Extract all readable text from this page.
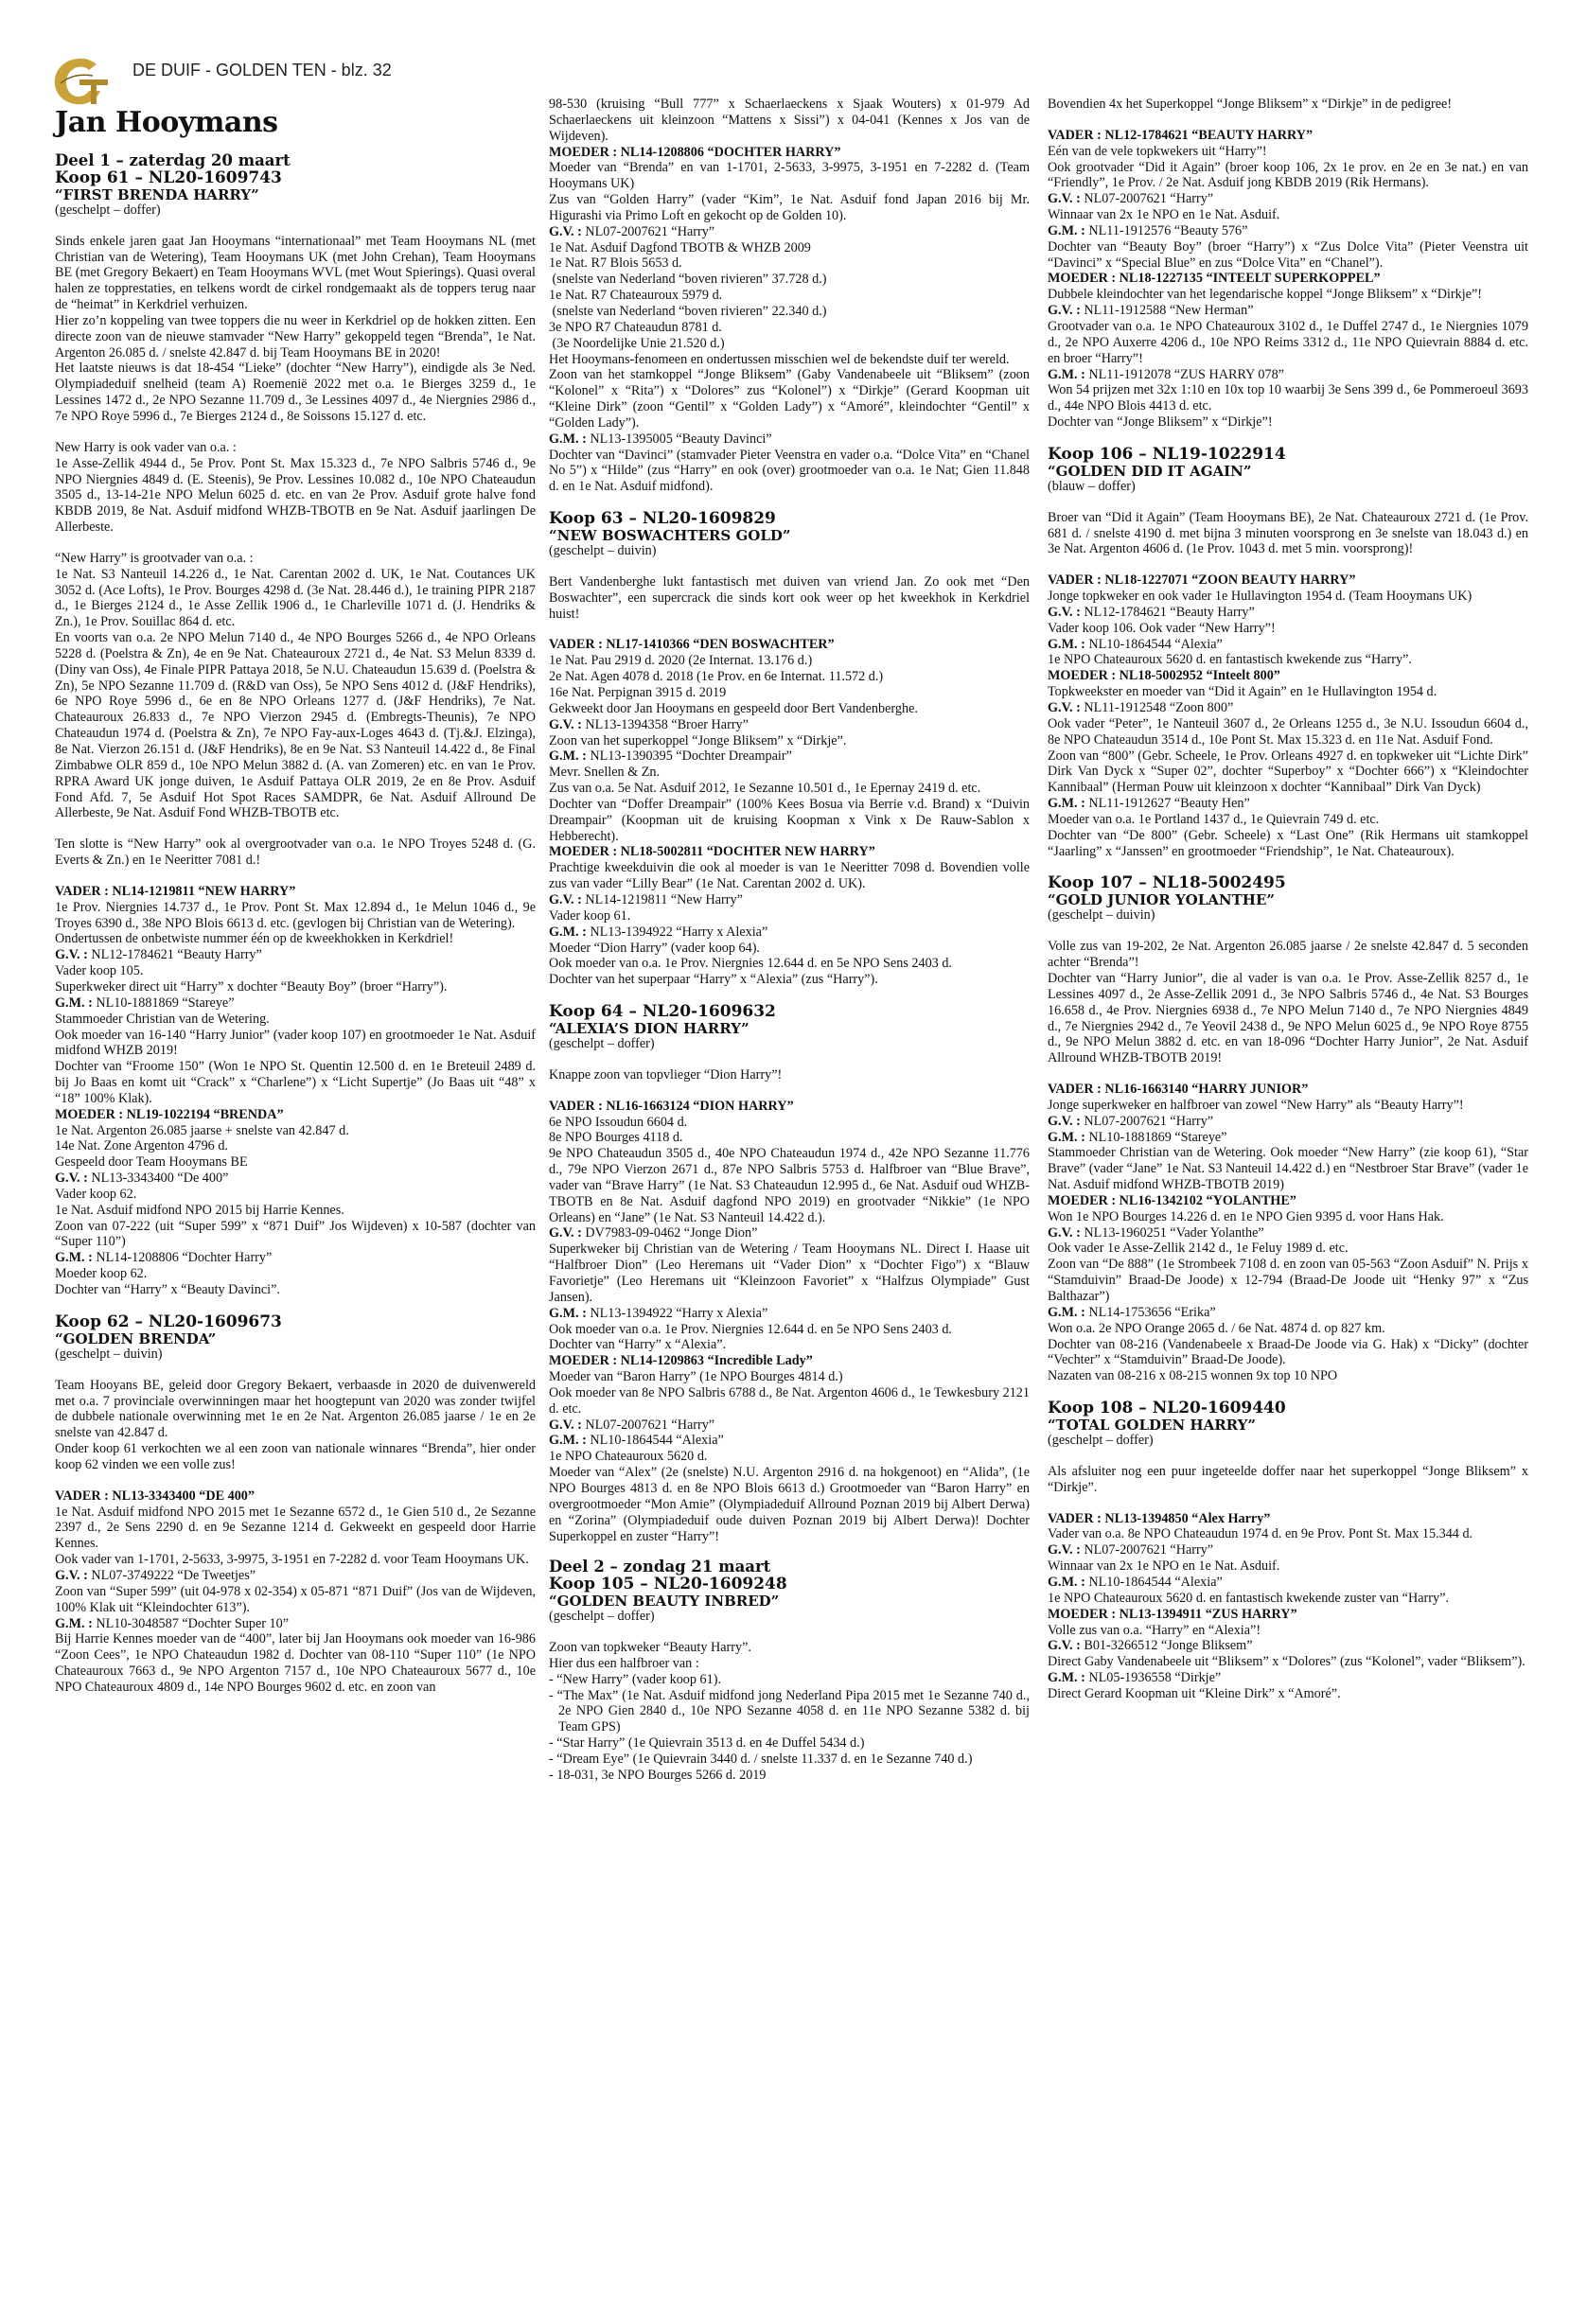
DE DUIF - GOLDEN TEN - blz. 32
Jan Hooymans

Deel 1 – zaterdag 20 maart

Koop 61 – NL20-1609743

“FIRST BRENDA HARRY”

(geschelpt – doffer)

Sinds enkele jaren gaat Jan Hooymans “internationaal” met Team Hooymans NL (met Christian van de Wetering), Team Hooymans UK (met John Crehan), Team Hooymans BE (met Gregory Bekaert) en Team Hooymans WVL (met Wout Spierings). Quasi overal halen ze topprestaties, en telkens wordt de cirkel rondgemaakt als de toppers terug naar de “heimat” in Kerkdriel verhuizen.

Hier zo’n koppeling van twee toppers die nu weer in Kerkdriel op de hokken zitten. Een directe zoon van de nieuwe stamvader “New Harry” gekoppeld tegen “Brenda”, 1e Nat. Argenton 26.085 d. / snelste 42.847 d. bij Team Hooymans BE in 2020!

Het laatste nieuws is dat 18-454 “Lieke” (dochter “New Harry”), eindigde als 3e Ned. Olympiadeduif snelheid (team A) Roemenië 2022 met o.a. 1e Bierges 3259 d., 1e Lessines 1472 d., 2e NPO Sezanne 11.709 d., 3e Lessines 4097 d., 4e Niergnies 2986 d., 7e NPO Roye 5996 d., 7e Bierges 2124 d., 8e Soissons 15.127 d. etc.

New Harry is ook vader van o.a. :

1e Asse-Zellik 4944 d., 5e Prov. Pont St. Max 15.323 d., 7e NPO Salbris 5746 d., 9e NPO Niergnies 4849 d. (E. Steenis), 9e Prov. Lessines 10.082 d., 10e NPO Chateaudun 3505 d., 13-14-21e NPO Melun 6025 d. etc. en van 2e Prov. Asduif grote halve fond KBDB 2019, 8e Nat. Asduif midfond WHZB-TBOTB en 9e Nat. Asduif jaarlingen De Allerbeste.

“New Harry” is grootvader van o.a. :

1e Nat. S3 Nanteuil 14.226 d., 1e Nat. Carentan 2002 d. UK, 1e Nat. Coutances UK 3052 d. (Ace Lofts), 1e Prov. Bourges 4298 d. (3e Nat. 28.446 d.), 1e training PIPR 2187 d., 1e Bierges 2124 d., 1e Asse Zellik 1906 d., 1e Charleville 1071 d. (J. Hendriks & Zn.), 1e Prov. Souillac 864 d. etc.

En voorts van o.a. 2e NPO Melun 7140 d., 4e NPO Bourges 5266 d., 4e NPO Orleans 5228 d. (Poelstra & Zn), 4e en 9e Nat. Chateauroux 2721 d., 4e Nat. S3 Melun 8339 d. (Diny van Oss), 4e Finale PIPR Pattaya 2018, 5e N.U. Chateaudun 15.639 d. (Poelstra & Zn), 5e NPO Sezanne 11.709 d. (R&D van Oss), 5e NPO Sens 4012 d. (J&F Hendriks), 6e NPO Roye 5996 d., 6e en 8e NPO Orleans 1277 d. (J&F Hendriks), 7e Nat. Chateauroux 26.833 d., 7e NPO Vierzon 2945 d. (Embregts-Theunis), 7e NPO Chateaudun 1974 d. (Poelstra & Zn), 7e NPO Fay-aux-Loges 4643 d. (Tj.&J. Elzinga), 8e Nat. Vierzon 26.151 d. (J&F Hendriks), 8e en 9e Nat. S3 Nanteuil 14.422 d., 8e Final Zimbabwe OLR 859 d., 10e NPO Melun 3882 d. (A. van Zomeren) etc. en van 1e Prov. RPRA Award UK jonge duiven, 1e Asduif Pattaya OLR 2019, 2e en 8e Prov. Asduif Fond Afd. 7, 5e Asduif Hot Spot Races SAMDPR, 6e Nat. Asduif Allround De Allerbeste, 9e Nat. Asduif Fond WHZB-TBOTB etc.

Ten slotte is “New Harry” ook al overgrootvader van o.a. 1e NPO Troyes 5248 d. (G. Everts & Zn.) en 1e Neeritter 7081 d.!

VADER : NL14-1219811 “NEW HARRY”

1e Prov. Niergnies 14.737 d., 1e Prov. Pont St. Max 12.894 d., 1e Melun 1046 d., 9e Troyes 6390 d., 38e NPO Blois 6613 d. etc. (gevlogen bij Christian van de Wetering).

Ondertussen de onbetwiste nummer één op de kweekhokken in Kerkdriel!

G.V. : NL12-1784621 “Beauty Harry”

Vader koop 105.

Superkweker direct uit “Harry” x dochter “Beauty Boy” (broer “Harry”).

G.M. : NL10-1881869 “Stareye”

Stammoeder Christian van de Wetering.

Ook moeder van 16-140 “Harry Junior” (vader koop 107) en grootmoeder 1e Nat. Asduif midfond WHZB 2019!

Dochter van “Froome 150” (Won 1e NPO St. Quentin 12.500 d. en 1e Breteuil 2489 d. bij Jo Baas en komt uit “Crack” x “Charlene”) x “Licht Supertje” (Jo Baas uit “48” x “18” 100% Klak).

MOEDER : NL19-1022194 “BRENDA”

1e Nat. Argenton 26.085 jaarse + snelste van 42.847 d.

14e Nat. Zone Argenton 4796 d.

Gespeeld door Team Hooymans BE

G.V. : NL13-3343400 “De 400”

Vader koop 62.

1e Nat. Asduif midfond NPO 2015 bij Harrie Kennes.

Zoon van 07-222 (uit “Super 599” x “871 Duif” Jos Wijdeven) x 10-587 (dochter van “Super 110”)

G.M. : NL14-1208806 “Dochter Harry”

Moeder koop 62.

Dochter van “Harry” x “Beauty Davinci”.

Koop 62 – NL20-1609673

“GOLDEN BRENDA”

(geschelpt – duivin)

Team Hooyans BE, geleid door Gregory Bekaert, verbaasde in 2020 de duivenwereld met o.a. 7 provinciale overwinningen maar het hoogtepunt van 2020 was zonder twijfel de dubbele nationale overwinning met 1e en 2e Nat. Argenton 26.085 jaarse / 1e en 2e snelste van 42.847 d.

Onder koop 61 verkochten we al een zoon van nationale winnares “Brenda”, hier onder koop 62 vinden we een volle zus!

VADER : NL13-3343400 “DE 400”

1e Nat. Asduif midfond NPO 2015 met 1e Sezanne 6572 d., 1e Gien 510 d., 2e Sezanne 2397 d., 2e Sens 2290 d. en 9e Sezanne 1214 d. Gekweekt en gespeeld door Harrie Kennes.

Ook vader van 1-1701, 2-5633, 3-9975, 3-1951 en 7-2282 d. voor Team Hooymans UK.

G.V. : NL07-3749222 “De Tweetjes”

Zoon van “Super 599” (uit 04-978 x 02-354) x 05-871 “871 Duif” (Jos van de Wijdeven, 100% Klak uit “Kleindochter 613”).

G.M. : NL10-3048587 “Dochter Super 10”

Bij Harrie Kennes moeder van de “400”, later bij Jan Hooymans ook moeder van 16-986 “Zoon Cees”, 1e NPO Chateaudun 1982 d. Dochter van 08-110 “Super 110” (1e NPO Chateauroux 7663 d., 9e NPO Argenton 7157 d., 10e NPO Chateauroux 5677 d., 10e NPO Chateauroux 4809 d., 14e NPO Bourges 9602 d. etc. en zoon van

98-530 (kruising “Bull 777” x Schaerlaeckens x Sjaak Wouters) x 01-979 Ad Schaerlaeckens uit kleinzoon “Mattens x Sissi”) x 04-041 (Kennes x Jos van de Wijdeven).

MOEDER : NL14-1208806 “DOCHTER HARRY”

Moeder van “Brenda” en van 1-1701, 2-5633, 3-9975, 3-1951 en 7-2282 d. (Team Hooymans UK)

Zus van “Golden Harry” (vader “Kim”, 1e Nat. Asduif fond Japan 2016 bij Mr. Higurashi via Primo Loft en gekocht op de Golden 10).

G.V. : NL07-2007621 “Harry”

1e Nat. Asduif Dagfond TBOTB & WHZB 2009

1e Nat. R7 Blois 5653 d.

(snelste van Nederland “boven rivieren” 37.728 d.)

1e Nat. R7 Chateauroux 5979 d.

(snelste van Nederland “boven rivieren” 22.340 d.)

3e NPO R7 Chateaudun 8781 d.

(3e Noordelijke Unie 21.520 d.)

Het Hooymans-fenomeen en ondertussen misschien wel de bekendste duif ter wereld.

Zoon van het stamkoppel “Jonge Bliksem” (Gaby Vandenabeele uit “Bliksem” (zoon “Kolonel” x “Rita”) x “Dolores” zus “Kolonel”) x “Dirkje” (Gerard Koopman uit “Kleine Dirk” (zoon “Gentil” x “Golden Lady”) x “Amoré”, kleindochter “Gentil” x “Golden Lady”).

G.M. : NL13-1395005 “Beauty Davinci”

Dochter van “Davinci” (stamvader Pieter Veenstra en vader o.a. “Dolce Vita” en “Chanel No 5”) x “Hilde” (zus “Harry” en ook (over) grootmoeder van o.a. 1e Nat; Gien 11.848 d. en 1e Nat. Asduif midfond).

Koop 63 – NL20-1609829

“NEW BOSWACHTERS GOLD”

(geschelpt – duivin)

Bert Vandenberghe lukt fantastisch met duiven van vriend Jan. Zo ook met “Den Boswachter”, een supercrack die sinds kort ook weer op het kweekhok in Kerkdriel huist!

VADER : NL17-1410366 “DEN BOSWACHTER”

1e Nat. Pau 2919 d. 2020 (2e Internat. 13.176 d.)

2e Nat. Agen 4078 d. 2018 (1e Prov. en 6e Internat. 11.572 d.)

16e Nat. Perpignan 3915 d. 2019

Gekweekt door Jan Hooymans en gespeeld door Bert Vandenberghe.

G.V. : NL13-1394358 “Broer Harry”

Zoon van het superkoppel “Jonge Bliksem” x “Dirkje”.

G.M. : NL13-1390395 “Dochter Dreampair”

Mevr. Snellen & Zn.

Zus van o.a. 5e Nat. Asduif 2012, 1e Sezanne 10.501 d., 1e Epernay 2419 d. etc.

Dochter van “Doffer Dreampair” (100% Kees Bosua via Berrie v.d. Brand) x “Duivin Dreampair” (Koopman uit de kruising Koopman x Vink x De Rauw-Sablon x Hebberecht).

MOEDER : NL18-5002811 “DOCHTER NEW HARRY”

Prachtige kweekduivin die ook al moeder is van 1e Neeritter 7098 d. Bovendien volle zus van vader “Lilly Bear” (1e Nat. Carentan 2002 d. UK).

G.V. : NL14-1219811 “New Harry”

Vader koop 61.

G.M. : NL13-1394922 “Harry x Alexia”

Moeder “Dion Harry” (vader koop 64).

Ook moeder van o.a. 1e Prov. Niergnies 12.644 d. en 5e NPO Sens 2403 d.

Dochter van het superpaar “Harry” x “Alexia” (zus “Harry”).

Koop 64 – NL20-1609632

“ALEXIA’S DION HARRY”

(geschelpt – doffer)

Knappe zoon van topvlieger “Dion Harry”!

VADER : NL16-1663124 “DION HARRY”

6e NPO Issoudun 6604 d.

8e NPO Bourges 4118 d.

9e NPO Chateaudun 3505 d., 40e NPO Chateaudun 1974 d., 42e NPO Sezanne 11.776 d., 79e NPO Vierzon 2671 d., 87e NPO Salbris 5753 d. Halfbroer van “Blue Brave”, vader van “Brave Harry” (1e Nat. S3 Chateaudun 12.995 d., 6e Nat. Asduif oud WHZB-TBOTB en 8e Nat. Asduif dagfond NPO 2019) en grootvader “Nikkie” (1e NPO Orleans) en “Jane” (1e Nat. S3 Nanteuil 14.422 d.).

G.V. : DV7983-09-0462 “Jonge Dion”

Superkweker bij Christian van de Wetering / Team Hooymans NL. Direct I. Haase uit “Halfbroer Dion” (Leo Heremans uit “Vader Dion” x “Dochter Figo”) x “Blauw Favorietje” (Leo Heremans uit “Kleinzoon Favoriet” x “Halfzus Olympiade” Gust Jansen).

G.M. : NL13-1394922 “Harry x Alexia”

Ook moeder van o.a. 1e Prov. Niergnies 12.644 d. en 5e NPO Sens 2403 d.

Dochter van “Harry” x “Alexia”.

MOEDER : NL14-1209863 “Incredible Lady”

Moeder van “Baron Harry” (1e NPO Bourges 4814 d.)

Ook moeder van 8e NPO Salbris 6788 d., 8e Nat. Argenton 4606 d., 1e Tewkesbury 2121 d. etc.

G.V. : NL07-2007621 “Harry”

G.M. : NL10-1864544 “Alexia”

1e NPO Chateauroux 5620 d.

Moeder van “Alex” (2e (snelste) N.U. Argenton 2916 d. na hokgenoot) en “Alida”, (1e NPO Bourges 4813 d. en 8e NPO Blois 6613 d.) Grootmoeder van “Baron Harry” en overgrootmoeder “Mon Amie” (Olympiadeduif Allround Poznan 2019 bij Albert Derwa) en “Zorina” (Olympiadeduif oude duiven Poznan 2019 bij Albert Derwa)! Dochter Superkoppel en zuster “Harry”!

Deel 2 – zondag 21 maart

Koop 105 – NL20-1609248

“GOLDEN BEAUTY INBRED”

(geschelpt – doffer)

Zoon van topkweker “Beauty Harry”.

Hier dus een halfbroer van :

- “New Harry” (vader koop 61).

- “The Max” (1e Nat. Asduif midfond jong Nederland Pipa 2015 met 1e Sezanne 740 d., 2e NPO Gien 2840 d., 10e NPO Sezanne 4058 d. en 11e NPO Sezanne 5382 d. bij Team GPS)

- “Star Harry” (1e Quievrain 3513 d. en 4e Duffel 5434 d.)

- “Dream Eye” (1e Quievrain 3440 d. / snelste 11.337 d. en 1e Sezanne 740 d.)

- 18-031, 3e NPO Bourges 5266 d. 2019

Bovendien 4x het Superkoppel “Jonge Bliksem” x “Dirkje” in de pedigree!

VADER : NL12-1784621 “BEAUTY HARRY”

Eén van de vele topkwekers uit “Harry”!

Ook grootvader “Did it Again” (broer koop 106, 2x 1e prov. en 2e en 3e nat.) en van “Friendly”, 1e Prov. / 2e Nat. Asduif jong KBDB 2019 (Rik Hermans).

G.V. : NL07-2007621 “Harry”

Winnaar van 2x 1e NPO en 1e Nat. Asduif.

G.M. : NL11-1912576 “Beauty 576”

Dochter van “Beauty Boy” (broer “Harry”) x “Zus Dolce Vita” (Pieter Veenstra uit “Davinci” x “Special Blue” en zus “Dolce Vita” en “Chanel”).

MOEDER : NL18-1227135 “INTEELT SUPERKOPPEL”

Dubbele kleindochter van het legendarische koppel “Jonge Bliksem” x “Dirkje”!

G.V. : NL11-1912588 “New Herman”

Grootvader van o.a. 1e NPO Chateauroux 3102 d., 1e Duffel 2747 d., 1e Niergnies 1079 d., 2e NPO Auxerre 4206 d., 10e NPO Reims 3312 d., 11e NPO Quievrain 8884 d. etc. en broer “Harry”!

G.M. : NL11-1912078 “ZUS HARRY 078”

Won 54 prijzen met 32x 1:10 en 10x top 10 waarbij 3e Sens 399 d., 6e Pommeroeul 3693 d., 44e NPO Blois 4413 d. etc.

Dochter van “Jonge Bliksem” x “Dirkje”!

Koop 106 – NL19-1022914

“GOLDEN DID IT AGAIN”

(blauw – doffer)

Broer van “Did it Again” (Team Hooymans BE), 2e Nat. Chateauroux 2721 d. (1e Prov. 681 d. / snelste 4190 d. met bijna 3 minuten voorsprong en 3e snelste van 18.043 d.) en 3e Nat. Argenton 4606 d. (1e Prov. 1043 d. met 5 min. voorsprong)!

VADER : NL18-1227071 “ZOON BEAUTY HARRY”

Jonge topkweker en ook vader 1e Hullavington 1954 d. (Team Hooymans UK)

G.V. : NL12-1784621 “Beauty Harry”

Vader koop 106. Ook vader “New Harry”!

G.M. : NL10-1864544 “Alexia”

1e NPO Chateauroux 5620 d. en fantastisch kwekende zus “Harry”.

MOEDER : NL18-5002952 “Inteelt 800”

Topkweekster en moeder van “Did it Again” en 1e Hullavington 1954 d.

G.V. : NL11-1912548 “Zoon 800”

Ook vader “Peter”, 1e Nanteuil 3607 d., 2e Orleans 1255 d., 3e N.U. Issoudun 6604 d., 8e NPO Chateaudun 3514 d., 10e Pont St. Max 15.323 d. en 11e Nat. Asduif Fond.

Zoon van “800” (Gebr. Scheele, 1e Prov. Orleans 4927 d. en topkweker uit “Lichte Dirk” Dirk Van Dyck x “Super 02”, dochter “Superboy” x “Dochter 666”) x “Kleindochter Kannibaal” (Herman Pouw uit kleinzoon x dochter “Kannibaal” Dirk Van Dyck)

G.M. : NL11-1912627 “Beauty Hen”

Moeder van o.a. 1e Portland 1437 d., 1e Quievrain 749 d. etc.

Dochter van “De 800” (Gebr. Scheele) x “Last One” (Rik Hermans uit stamkoppel “Jaarling” x “Janssen” en grootmoeder “Friendship”, 1e Nat. Chateauroux).

Koop 107 – NL18-5002495

“GOLD JUNIOR YOLANTHE”

(geschelpt – duivin)

Volle zus van 19-202, 2e Nat. Argenton 26.085 jaarse / 2e snelste 42.847 d. 5 seconden achter “Brenda”!

Dochter van “Harry Junior”, die al vader is van o.a. 1e Prov. Asse-Zellik 8257 d., 1e Lessines 4097 d., 2e Asse-Zellik 2091 d., 3e NPO Salbris 5746 d., 4e Nat. S3 Bourges 16.658 d., 4e Prov. Niergnies 6938 d., 7e NPO Melun 7140 d., 7e NPO Niergnies 4849 d., 7e Niergnies 2942 d., 7e Yeovil 2438 d., 9e NPO Melun 6025 d., 9e NPO Roye 8755 d., 9e NPO Melun 3882 d. etc. en van 18-096 “Dochter Harry Junior”, 2e Nat. Asduif Allround WHZB-TBOTB 2019!

VADER : NL16-1663140 “HARRY JUNIOR”

Jonge superkweker en halfbroer van zowel “New Harry” als “Beauty Harry”!

G.V. : NL07-2007621 “Harry”

G.M. : NL10-1881869 “Stareye”

Stammoeder Christian van de Wetering. Ook moeder “New Harry” (zie koop 61), “Star Brave” (vader “Jane” 1e Nat. S3 Nanteuil 14.422 d.) en “Nestbroer Star Brave” (vader 1e Nat. Asduif midfond WHZB-TBOTB 2019)

MOEDER : NL16-1342102 “YOLANTHE”

Won 1e NPO Bourges 14.226 d. en 1e NPO Gien 9395 d. voor Hans Hak.

G.V. : NL13-1960251 “Vader Yolanthe”

Ook vader 1e Asse-Zellik 2142 d., 1e Feluy 1989 d. etc.

Zoon van “De 888” (1e Strombeek 7108 d. en zoon van 05-563 “Zoon Asduif” N. Prijs x “Stamduivin” Braad-De Joode) x 12-794 (Braad-De Joode uit “Henky 97” x “Zus Balthazar”)

G.M. : NL14-1753656 “Erika”

Won o.a. 2e NPO Orange 2065 d. / 6e Nat. 4874 d. op 827 km.

Dochter van 08-216 (Vandenabeele x Braad-De Joode via G. Hak) x “Dicky” (dochter “Vechter” x “Stamduivin” Braad-De Joode).

Nazaten van 08-216 x 08-215 wonnen 9x top 10 NPO

Koop 108 – NL20-1609440

“TOTAL GOLDEN HARRY”

(geschelpt – doffer)

Als afsluiter nog een puur ingeteelde doffer naar het superkoppel “Jonge Bliksem” x “Dirkje”.

VADER : NL13-1394850 “Alex Harry”

Vader van o.a. 8e NPO Chateaudun 1974 d. en 9e Prov. Pont St. Max 15.344 d.

G.V. : NL07-2007621 “Harry”

Winnaar van 2x 1e NPO en 1e Nat. Asduif.

G.M. : NL10-1864544 “Alexia”

1e NPO Chateauroux 5620 d. en fantastisch kwekende zuster van “Harry”.

MOEDER : NL13-1394911 “ZUS HARRY”

Volle zus van o.a. “Harry” en “Alexia”!

G.V. : B01-3266512 “Jonge Bliksem”

Direct Gaby Vandenabeele uit “Bliksem” x “Dolores” (zus “Kolonel”, vader “Bliksem”).

G.M. : NL05-1936558 “Dirkje”

Direct Gerard Koopman uit “Kleine Dirk” x “Amoré”.
